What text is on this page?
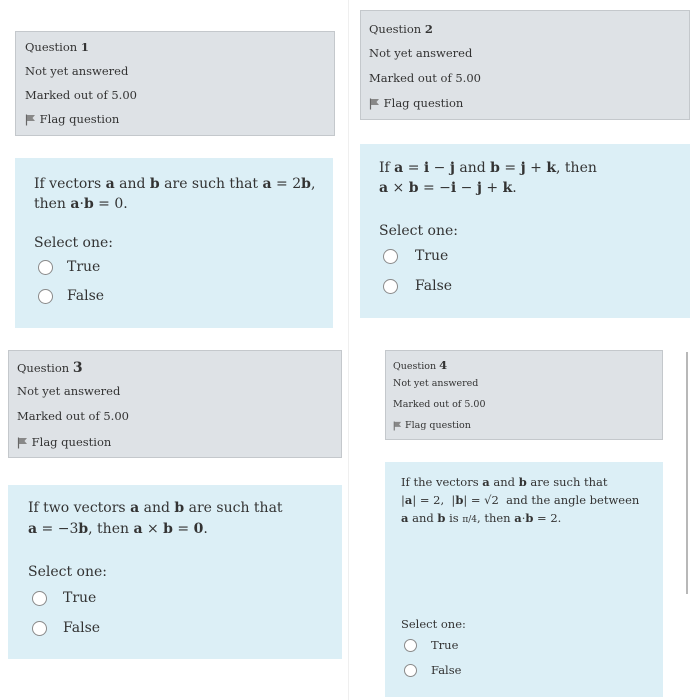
Question 1
Not yet answered
Marked out of 5.00
Flag question
If vectors a and b are such that a = 2b,
then a·b = 0.
Select one:
True
False
Question 2
Not yet answered
Marked out of 5.00
Flag question
If a = i − j and b = j + k, then
a × b = −i − j + k.
Select one:
True
False
Question 3
Not yet answered
Marked out of 5.00
Flag question
If two vectors a and b are such that
a = −3b, then a × b = 0.
Select one:
True
False
Question 4
Not yet answered
Marked out of 5.00
Flag question
If the vectors a and b are such that
|a| = 2,  |b| = √2  and the angle between
a and b is π/4, then a·b = 2.
Select one:
True
False
